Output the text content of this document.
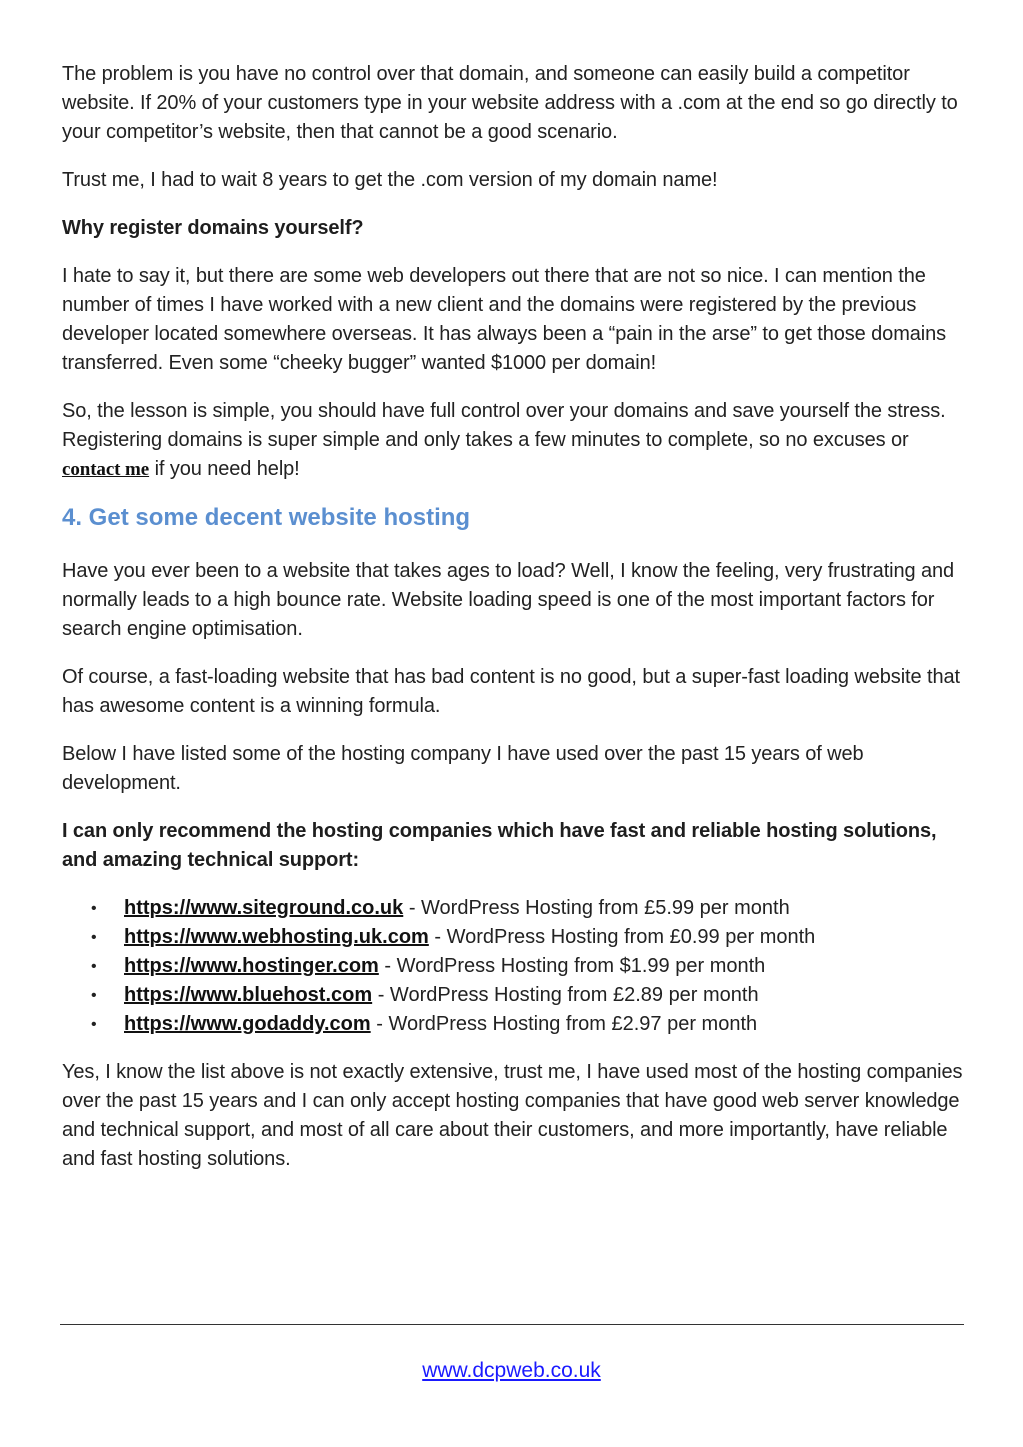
The problem is you have no control over that domain, and someone can easily build a competitor website. If 20% of your customers type in your website address with a .com at the end so go directly to your competitor’s website, then that cannot be a good scenario.

Trust me, I had to wait 8 years to get the .com version of my domain name!

Why register domains yourself?

I hate to say it, but there are some web developers out there that are not so nice. I can mention the number of times I have worked with a new client and the domains were registered by the previous developer located somewhere overseas. It has always been a “pain in the arse” to get those domains transferred. Even some “cheeky bugger” wanted $1000 per domain!

So, the lesson is simple, you should have full control over your domains and save yourself the stress. Registering domains is super simple and only takes a few minutes to complete, so no excuses or contact me if you need help!

4. Get some decent website hosting

Have you ever been to a website that takes ages to load? Well, I know the feeling, very frustrating and normally leads to a high bounce rate. Website loading speed is one of the most important factors for search engine optimisation.

Of course, a fast-loading website that has bad content is no good, but a super-fast loading website that has awesome content is a winning formula.

Below I have listed some of the hosting company I have used over the past 15 years of web development.

I can only recommend the hosting companies which have fast and reliable hosting solutions, and amazing technical support:

• https://www.siteground.co.uk - WordPress Hosting from £5.99 per month
• https://www.webhosting.uk.com - WordPress Hosting from £0.99 per month
• https://www.hostinger.com - WordPress Hosting from $1.99 per month
• https://www.bluehost.com - WordPress Hosting from £2.89 per month
• https://www.godaddy.com - WordPress Hosting from £2.97 per month

Yes, I know the list above is not exactly extensive, trust me, I have used most of the hosting companies over the past 15 years and I can only accept hosting companies that have good web server knowledge and technical support, and most of all care about their customers, and more importantly, have reliable and fast hosting solutions.

www.dcpweb.co.uk
